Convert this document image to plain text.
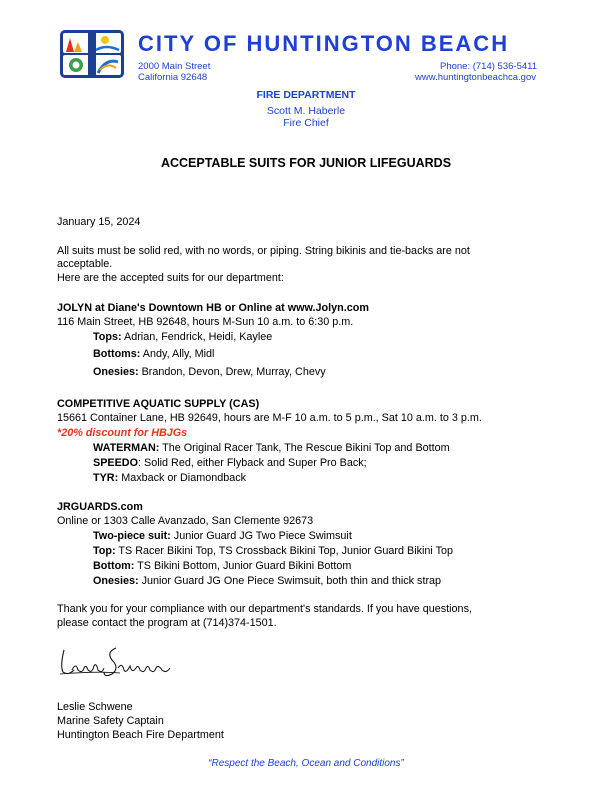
CITY OF HUNTINGTON BEACH
2000 Main Street
California 92648
Phone: (714) 536-5411
www.huntingtonbeachca.gov
FIRE DEPARTMENT
Scott M. Haberle
Fire Chief
ACCEPTABLE SUITS FOR JUNIOR LIFEGUARDS
January 15, 2024
All suits must be solid red, with no words, or piping. String bikinis and tie-backs are not
acceptable.
Here are the accepted suits for our department:
JOLYN at Diane's Downtown HB or Online at www.Jolyn.com
116 Main Street, HB 92648, hours M-Sun 10 a.m. to 6:30 p.m.
Tops: Adrian, Fendrick, Heidi, Kaylee
Bottoms: Andy, Ally, Midl
Onesies: Brandon, Devon, Drew, Murray, Chevy
COMPETITIVE AQUATIC SUPPLY (CAS)
15661 Container Lane, HB 92649, hours are M-F 10 a.m. to 5 p.m., Sat 10 a.m. to 3 p.m.
*20% discount for HBJGs
WATERMAN: The Original Racer Tank, The Rescue Bikini Top and Bottom
SPEEDO: Solid Red, either Flyback and Super Pro Back;
TYR: Maxback or Diamondback
JRGUARDS.com
Online or 1303 Calle Avanzado, San Clemente 92673
Two-piece suit: Junior Guard JG Two Piece Swimsuit
Top: TS Racer Bikini Top, TS Crossback Bikini Top, Junior Guard Bikini Top
Bottom: TS Bikini Bottom, Junior Guard Bikini Bottom
Onesies: Junior Guard JG One Piece Swimsuit, both thin and thick strap
Thank you for your compliance with our department's standards. If you have questions,
please contact the program at (714)374-1501.
Leslie Schwene
Marine Safety Captain
Huntington Beach Fire Department
“Respect the Beach, Ocean and Conditions”
